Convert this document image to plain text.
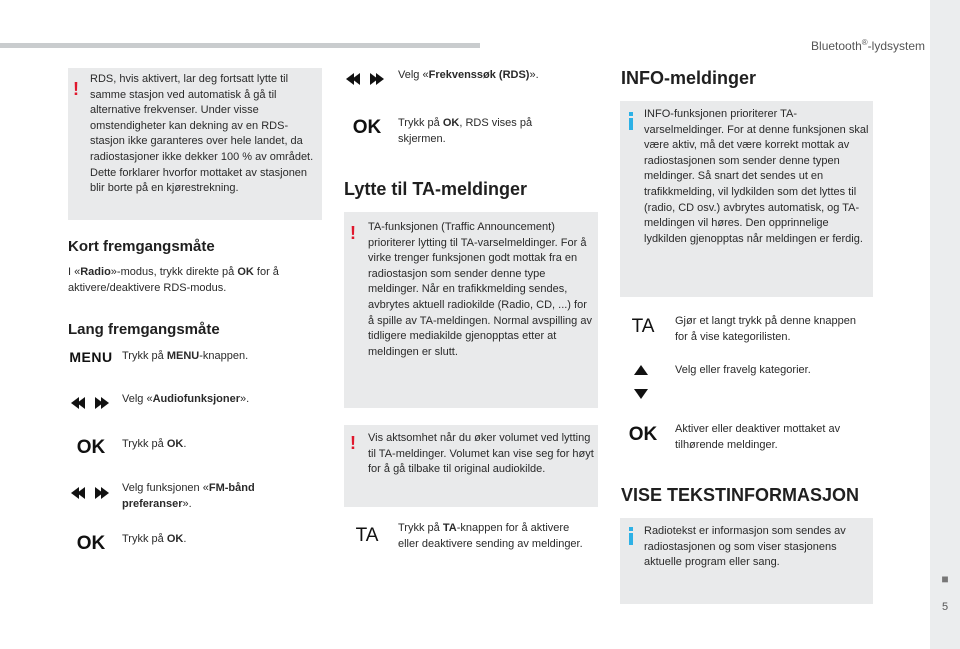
Bluetooth®-lydsystem
■
5
! RDS, hvis aktivert, lar deg fortsatt lytte til samme stasjon ved automatisk å gå til alternative frekvenser. Under visse omstendigheter kan dekning av en RDS-stasjon ikke garanteres over hele landet, da radiostasjoner ikke dekker 100 % av området. Dette forklarer hvorfor mottaket av stasjonen blir borte på en kjørestrekning.
Kort fremgangsmåte
I «Radio»-modus, trykk direkte på OK for å aktivere/deaktivere RDS-modus.
Lang fremgangsmåte
MENU Trykk på MENU-knappen.
Velg «Audiofunksjoner».
OK	Trykk på OK.
Velg funksjonen «FM-bånd preferanser».
OK	Trykk på OK.
Velg «Frekvenssøk (RDS)».
OK	Trykk på OK, RDS vises på skjermen.
Lytte til TA-meldinger
! TA-funksjonen (Traffic Announcement) prioriterer lytting til TA-varselmeldinger. For å virke trenger funksjonen godt mottak fra en radiostasjon som sender denne type meldinger. Når en trafikkmelding sendes, avbrytes aktuell radiokilde (Radio, CD, ...) for å spille av TA-meldingen. Normal avspilling av tidligere mediakilde gjenopptas etter at meldingen er slutt.
! Vis aktsomhet når du øker volumet ved lytting til TA-meldinger. Volumet kan vise seg for høyt for å gå tilbake til original audiokilde.
TA	Trykk på TA-knappen for å aktivere eller deaktivere sending av meldinger.
INFO-meldinger
INFO-funksjonen prioriterer TA-varselmeldinger. For at denne funksjonen skal være aktiv, må det være korrekt mottak av radiostasjonen som sender denne typen meldinger. Så snart det sendes ut en trafikkmelding, vil lydkilden som det lyttes til (radio, CD osv.) avbrytes automatisk, og TA-meldingen vil høres. Den opprinnelige lydkilden gjenopptas når meldingen er ferdig.
TA	Gjør et langt trykk på denne knappen for å vise kategorilisten.
Velg eller fravelg kategorier.
OK	Aktiver eller deaktiver mottaket av tilhørende meldinger.
VISE TEKSTINFORMASJON
Radiotekst er informasjon som sendes av radiostasjonen og som viser stasjonens aktuelle program eller sang.
